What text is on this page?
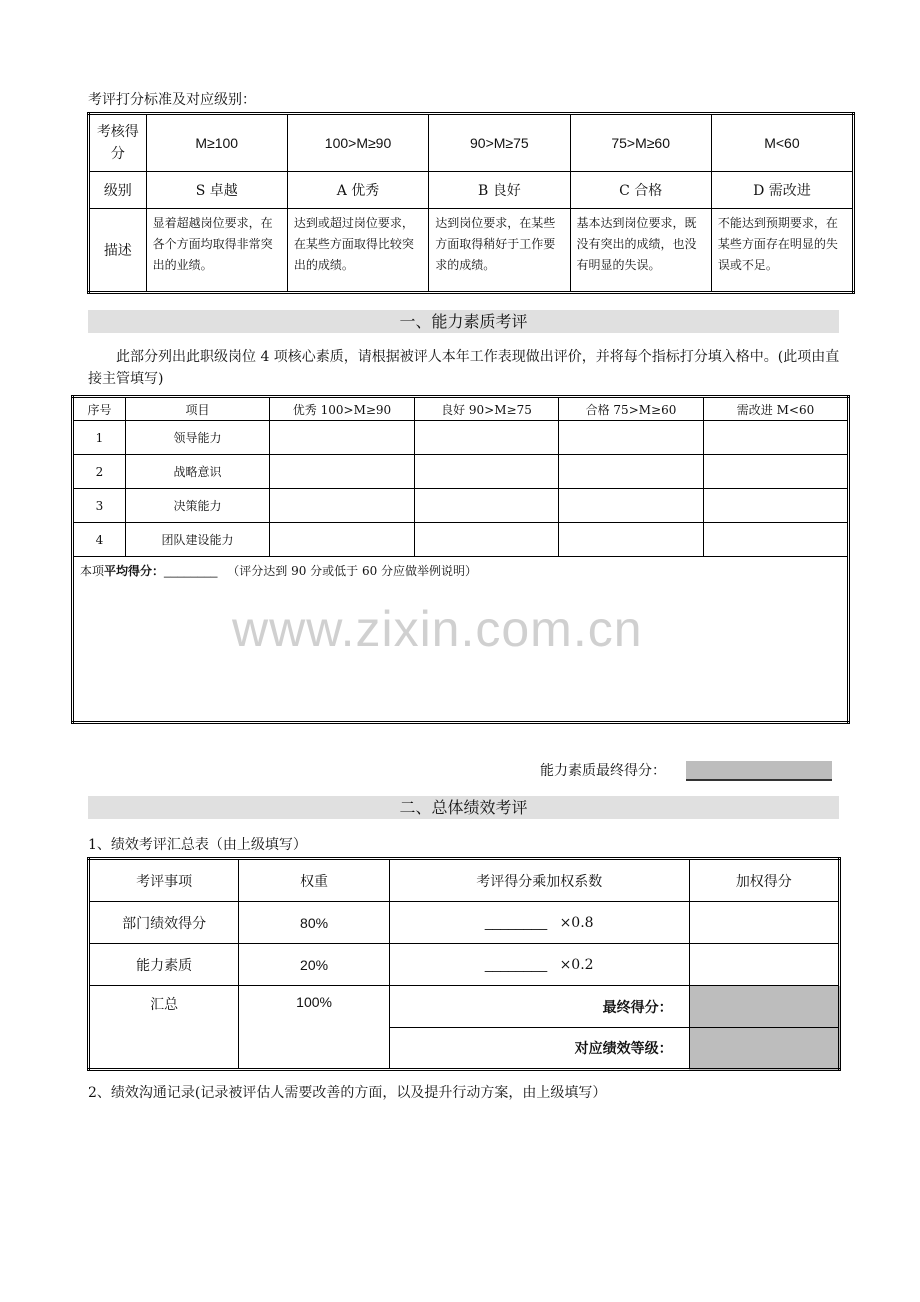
考评打分标准及对应级别：
考核得分	M≥100	100>M≥90	90>M≥75	75>M≥60	M<60
级别	S 卓越	A 优秀	B 良好	C 合格	D 需改进
描述	显着超越岗位要求，在各个方面均取得非常突出的业绩。	达到或超过岗位要求，在某些方面取得比较突出的成绩。	达到岗位要求，在某些方面取得稍好于工作要求的成绩。	基本达到岗位要求，既没有突出的成绩，也没有明显的失误。	不能达到预期要求，在某些方面存在明显的失误或不足。
一、能力素质考评
此部分列出此职级岗位 4 项核心素质，请根据被评人本年工作表现做出评价，并将每个指标打分填入格中。(此项由直接主管填写)
序号	项目	优秀 100>M≥90	良好 90>M≥75	合格 75>M≥60	需改进 M<60
1	领导能力				
2	战略意识				
3	决策能力				
4	团队建设能力				
本项平均得分：________ （评分达到 90 分或低于 60 分应做举例说明）					
www.zixin.com.cn
能力素质最终得分：
二、总体绩效考评
1、绩效考评汇总表（由上级填写）
考评事项	权重	考评得分乘加权系数	加权得分
部门绩效得分	80%	________ ×0.8	
能力素质	20%	________ ×0.2	
汇总	100%	最终得分：	
		对应绩效等级：	
2、绩效沟通记录(记录被评估人需要改善的方面，以及提升行动方案，由上级填写）
